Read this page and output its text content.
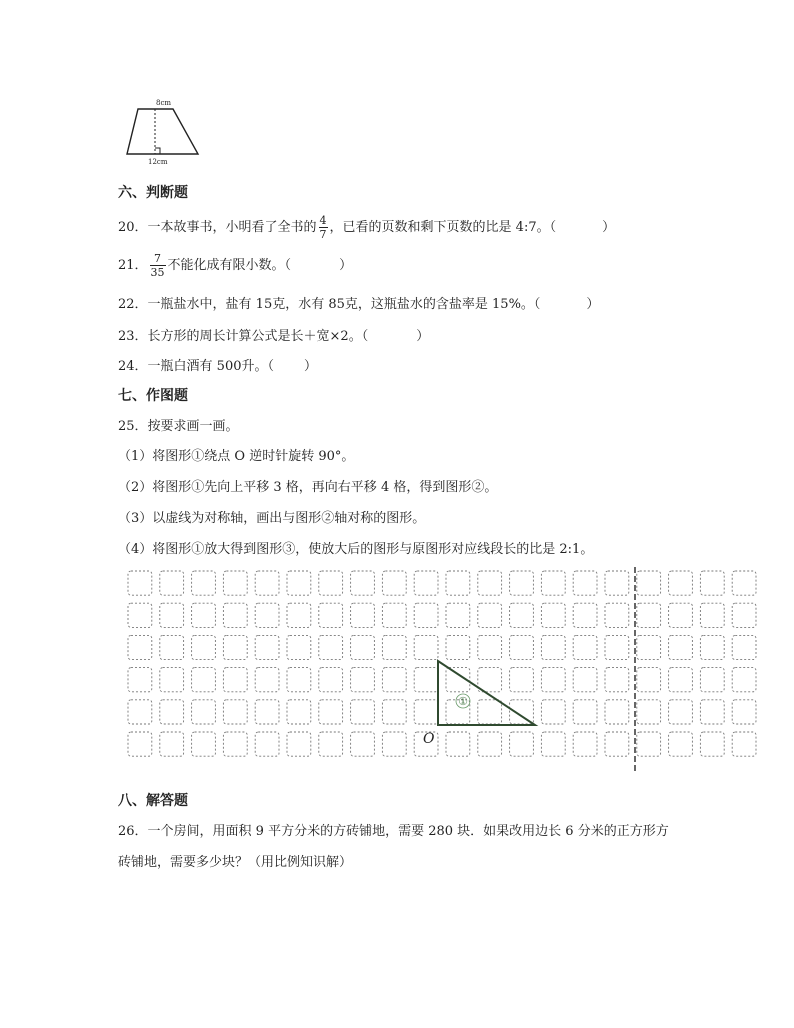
8cm
12cm
六、判断题
20．一本故事书，小明看了全书的 $\frac{4}{7}$ ，已看的页数和剩下页数的比是 4:7。（	）
21． $\frac{7}{35}$ 不能化成有限小数。（	）
22．一瓶盐水中，盐有 15克，水有 85克，这瓶盐水的含盐率是 15%。（	）
23．长方形的周长计算公式是长＋宽×2。（	）
24．一瓶白酒有 500升。（ ）
七、作图题
25．按要求画一画。
（1）将图形①绕点 O 逆时针旋转 90°。
（2）将图形①先向上平移 3 格，再向右平移 4 格，得到图形②。
（3）以虚线为对称轴，画出与图形②轴对称的图形。
（4）将图形①放大得到图形③，使放大后的图形与原图形对应线段长的比是 2:1。
①
O
八、解答题
26．一个房间，用面积 9 平方分米的方砖铺地，需要 280 块．如果改用边长 6 分米的正方形方
砖铺地，需要多少块？（用比例知识解）
